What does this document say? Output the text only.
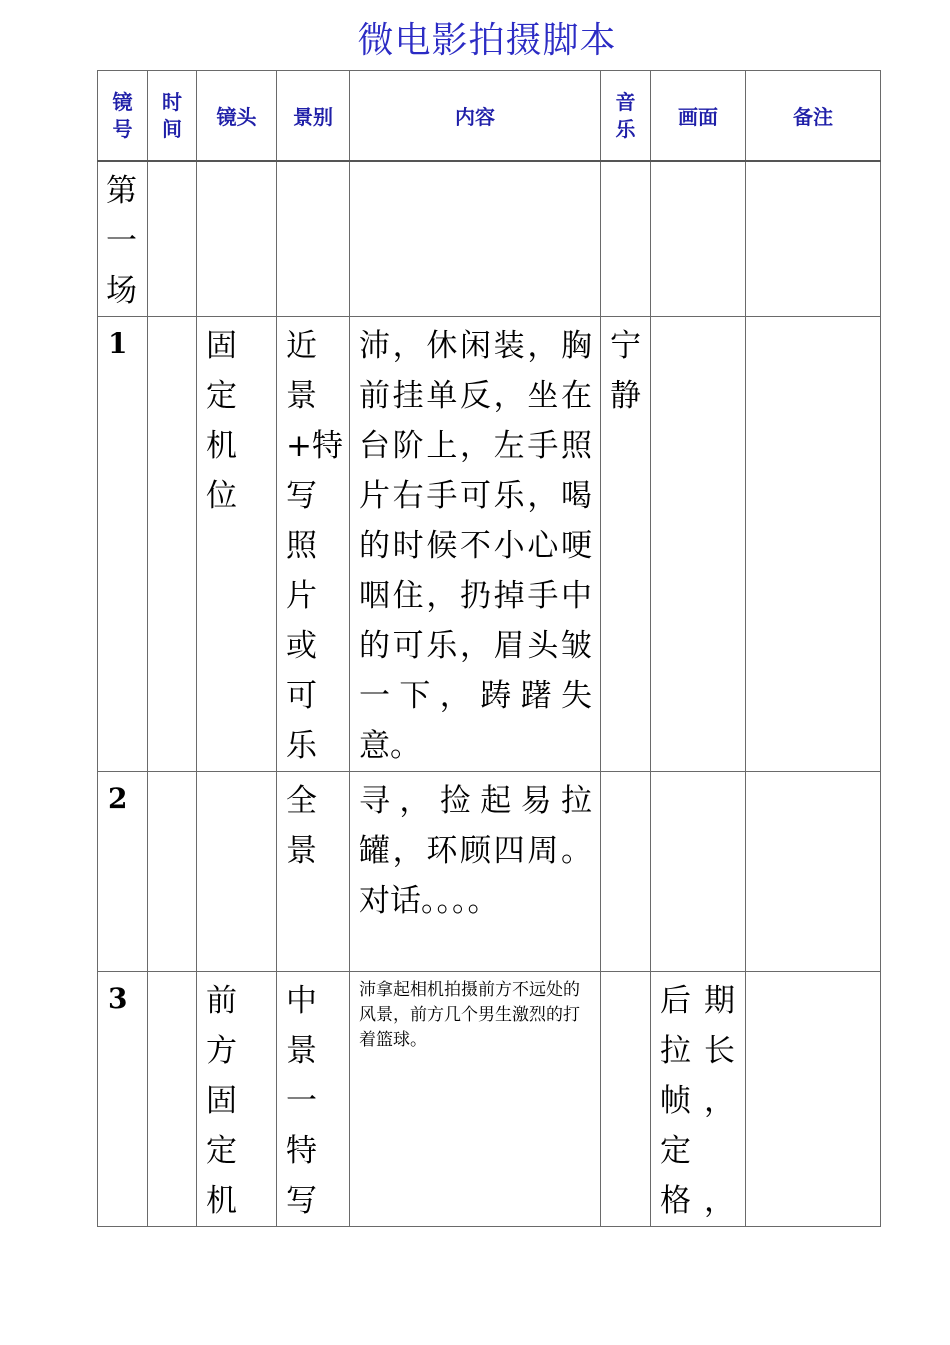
微电影拍摄脚本
镜号	时间	镜头	景别	内容	音乐	画面	备注

第一场							

1		固定机位	近景+特写照片或可乐	沛，休闲装，胸前挂单反，坐在台阶上，左手照片右手可乐，喝的时候不小心哽咽住，扔掉手中的可乐，眉头皱一下，踌躇失意。	宁静		

2			全景	寻，捡起易拉罐，环顾四周。对话。。。。			

3		前方固定机	中景一特写	沛拿起相机拍摄前方不远处的风景，前方几个男生激烈的打着篮球。		后期拉长帧，定格，	
